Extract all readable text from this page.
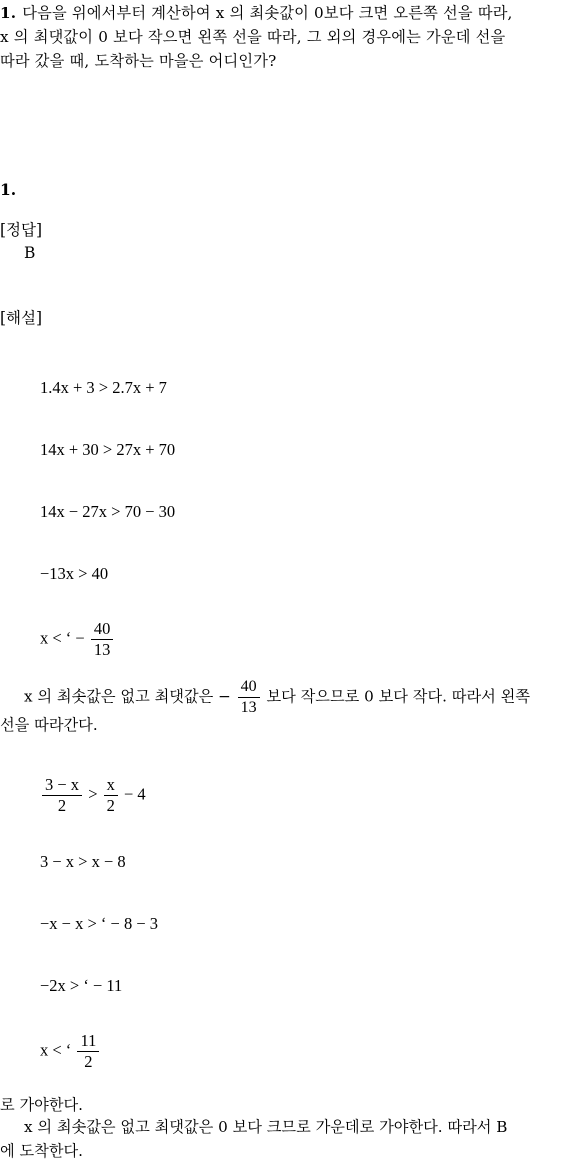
1. 다음을 위에서부터 계산하여 x 의 최솟값이 0보다 크면 오른쪽 선을 따라,
x 의 최댓값이 0 보다 작으면 왼쪽 선을 따라, 그 외의 경우에는 가운데 선을
따라 갔을 때, 도착하는 마을은 어디인가?
1.
[정답]
B
[해설]
1.4x + 3 > 2.7x + 7
14x + 30 > 27x + 70
14x − 27x > 70 − 30
−13x > 40
x < ‘ − $\frac{40}{13}$
x 의 최솟값은 없고 최댓값은 − $\frac{40}{13}$ 보다 작으므로 0 보다 작다. 따라서 왼쪽
선을 따라간다.
$\frac{3 - x}{2} > \frac{x}{2} - 4$
3 − x > x − 8
−x − x > ‘ − 8 − 3
−2x > ‘ − 11
x < ‘ $\frac{11}{2}$
로 가야한다.
x 의 최솟값은 없고 최댓값은 0 보다 크므로 가운데로 가야한다. 따라서 B
에 도착한다.
